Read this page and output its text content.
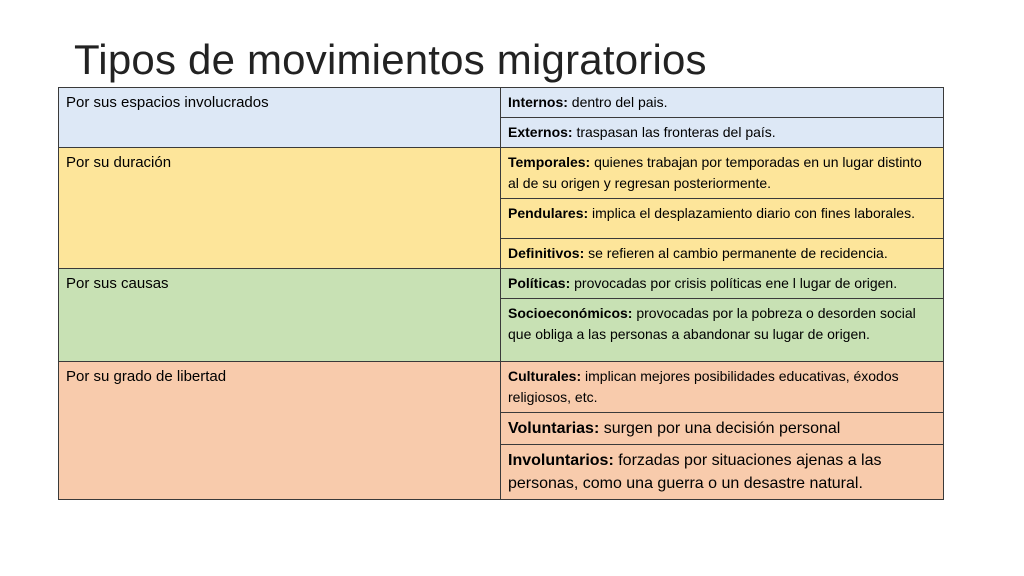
Tipos de movimientos migratorios
Por sus espacios involucrados	Internos: dentro del pais.
	Externos: traspasan las fronteras del país.
Por su duración	Temporales: quienes trabajan por temporadas en un lugar distinto al de su origen y regresan posteriormente.
	Pendulares: implica el desplazamiento diario con fines laborales.
	Definitivos: se refieren al cambio permanente de recidencia.
Por sus causas	Políticas: provocadas por crisis políticas ene l lugar de origen.
	Socioeconómicos: provocadas por la pobreza o desorden social que obliga a las personas a abandonar su lugar de origen.
Por su grado de libertad	Culturales: implican mejores posibilidades educativas, éxodos religiosos, etc.
	Voluntarias: surgen por una decisión personal
	Involuntarios: forzadas por situaciones ajenas a las personas, como una guerra o un desastre natural.
